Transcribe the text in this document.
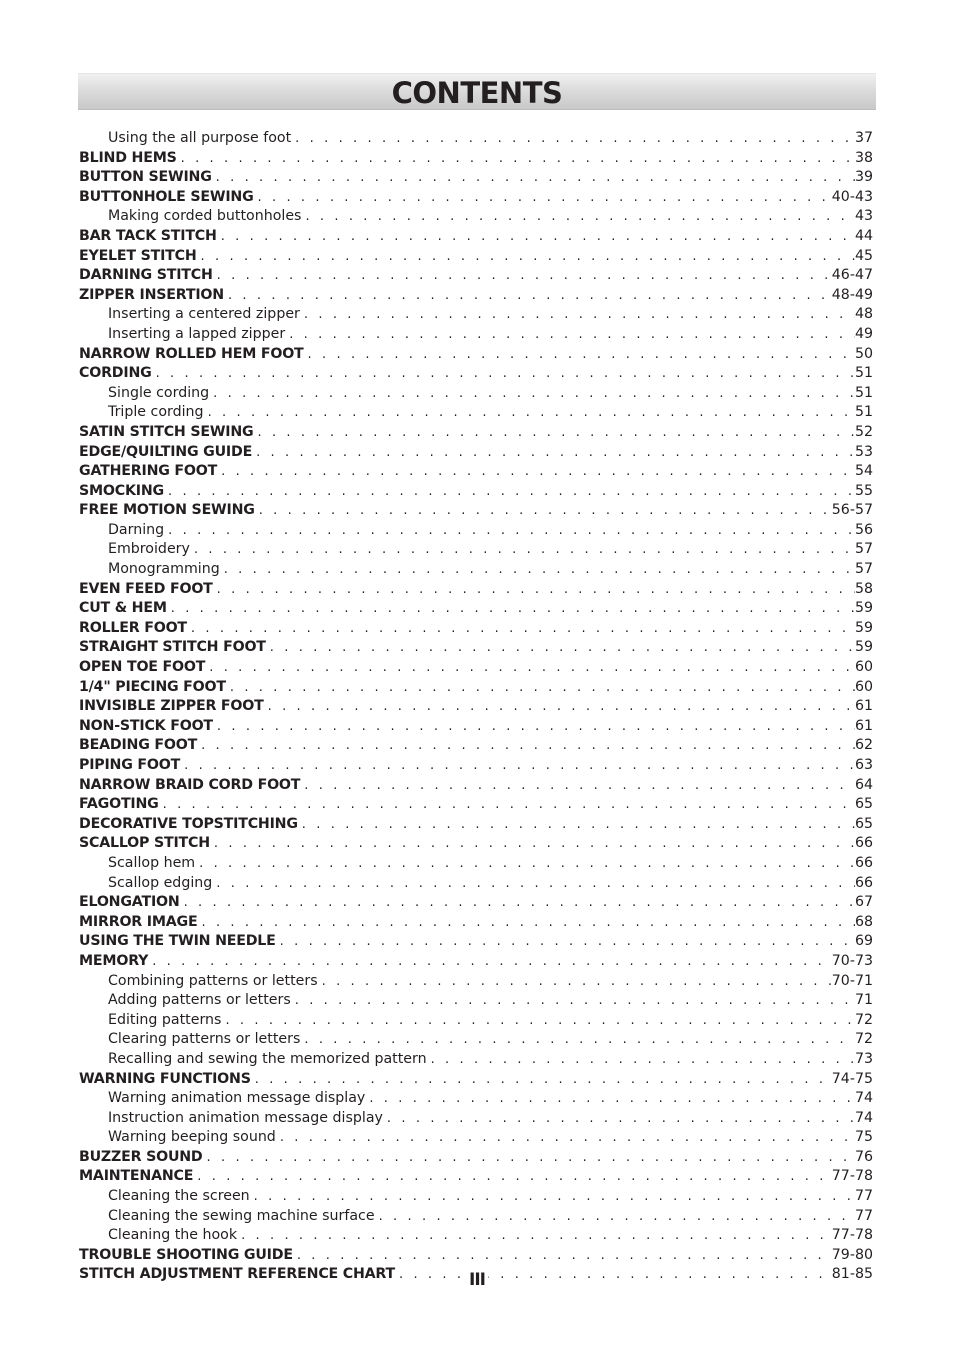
CONTENTS
Using the all purpose foot . . .	37
BLIND HEMS . . .	38
BUTTON SEWING . . .	39
BUTTONHOLE SEWING . . .	40-43
Making corded buttonholes . . .	43
BAR TACK STITCH . . .	44
EYELET STITCH . . .	45
DARNING STITCH . . .	46-47
ZIPPER INSERTION . . .	48-49
Inserting a centered zipper . . .	48
Inserting a lapped zipper . . .	49
NARROW ROLLED HEM FOOT . . .	50
CORDING . . .	51
Single cording . . .	51
Triple cording . . .	51
SATIN STITCH SEWING . . .	52
EDGE/QUILTING GUIDE . . .	53
GATHERING FOOT . . .	54
SMOCKING . . .	55
FREE MOTION SEWING . . .	56-57
Darning . . .	56
Embroidery . . .	57
Monogramming . . .	57
EVEN FEED FOOT . . .	58
CUT & HEM . . .	59
ROLLER FOOT . . .	59
STRAIGHT STITCH FOOT . . .	59
OPEN TOE FOOT . . .	60
1/4" PIECING FOOT . . .	60
INVISIBLE ZIPPER FOOT . . .	61
NON-STICK FOOT . . .	61
BEADING FOOT . . .	62
PIPING FOOT . . .	63
NARROW BRAID CORD FOOT . . .	64
FAGOTING . . .	65
DECORATIVE TOPSTITCHING . . .	65
SCALLOP STITCH . . .	66
Scallop hem . . .	66
Scallop edging . . .	66
ELONGATION . . .	67
MIRROR IMAGE . . .	68
USING THE TWIN NEEDLE . . .	69
MEMORY . . .	70-73
Combining patterns or letters . . .	70-71
Adding patterns or letters . . .	71
Editing patterns . . .	72
Clearing patterns or letters . . .	72
Recalling and sewing the memorized pattern . . .	73
WARNING FUNCTIONS . . .	74-75
Warning animation message display . . .	74
Instruction animation message display . . .	74
Warning beeping sound . . .	75
BUZZER SOUND . . .	76
MAINTENANCE . . .	77-78
Cleaning the screen . . .	77
Cleaning the sewing machine surface . . .	77
Cleaning the hook . . .	77-78
TROUBLE SHOOTING GUIDE . . .	79-80
STITCH ADJUSTMENT REFERENCE CHART . . .	81-85
III
